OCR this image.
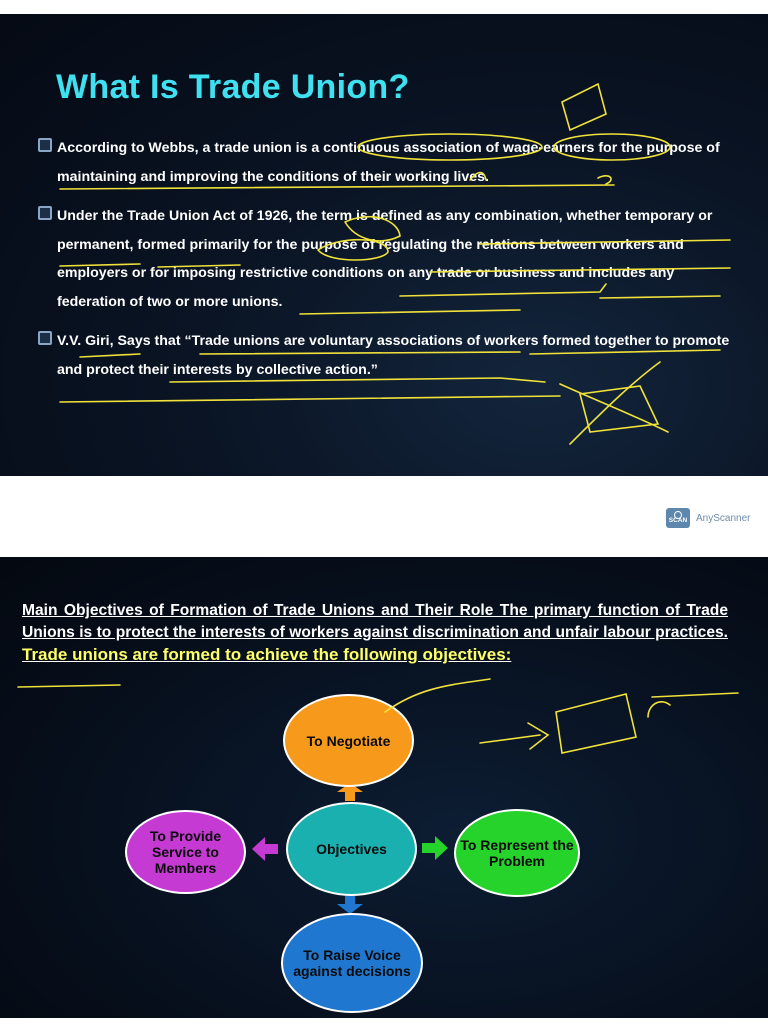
What Is Trade Union?
According to Webbs, a trade union is a continuous association of wage-earners for the purpose of maintaining and improving the conditions of their working lives.
Under the Trade Union Act of 1926, the term is defined as any combination, whether temporary or permanent, formed primarily for the purpose of regulating the relations between workers and employers or for imposing restrictive conditions on any trade or business and includes any federation of two or more unions.
V.V. Giri, Says that “Trade unions are voluntary associations of workers formed together to promote and protect their interests by collective action.”
SCAN AnyScanner
Main Objectives of Formation of Trade Unions and Their Role The primary function of Trade Unions is to protect the interests of workers against discrimination and unfair labour practices. Trade unions are formed to achieve the following objectives:
To Negotiate
Objectives	To Represent the Problem
To Provide Service to Members
To Raise Voice against decisions
